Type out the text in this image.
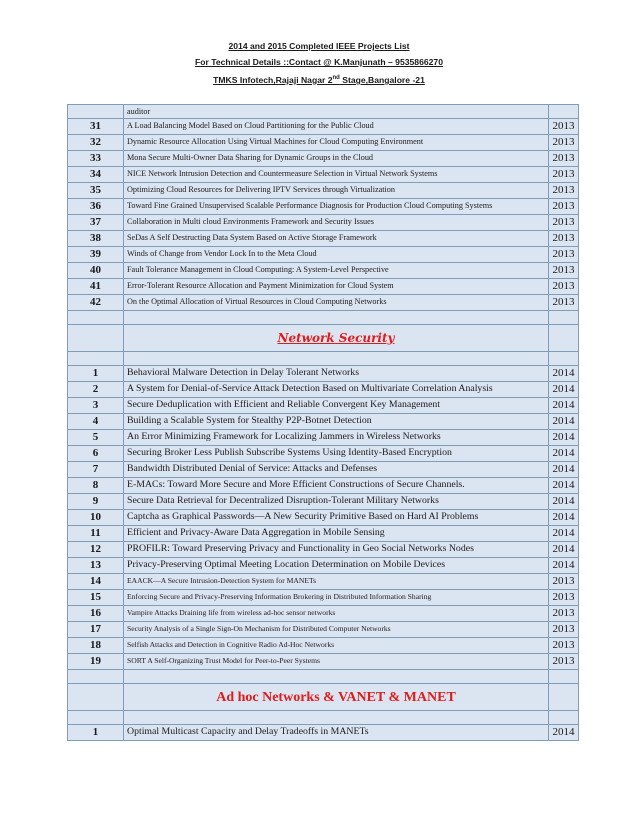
2014 and 2015 Completed IEEE Projects List
For Technical Details ::Contact @ K.Manjunath – 9535866270
TMKS Infotech,Rajaji Nagar 2nd Stage,Bangalore -21
	auditor	
31	A Load Balancing Model Based on Cloud Partitioning for the Public Cloud	2013
32	Dynamic Resource Allocation Using Virtual Machines for Cloud Computing Environment	2013
33	Mona Secure Multi-Owner Data Sharing for Dynamic Groups in the Cloud	2013
34	NICE Network Intrusion Detection and Countermeasure Selection in Virtual Network Systems	2013
35	Optimizing Cloud Resources for Delivering IPTV Services through Virtualization	2013
36	Toward Fine Grained Unsupervised Scalable Performance Diagnosis for Production Cloud Computing Systems	2013
37	Collaboration in Multi cloud Environments Framework and Security Issues	2013
38	SeDas A Self Destructing Data System Based on Active Storage Framework	2013
39	Winds of Change from Vendor Lock In to the Meta Cloud	2013
40	Fault Tolerance Management in Cloud Computing: A System-Level Perspective	2013
41	Error-Tolerant Resource Allocation and Payment Minimization for Cloud System	2013
42	On the Optimal Allocation of Virtual Resources in Cloud Computing Networks	2013

	Network Security	

1	Behavioral Malware Detection in Delay Tolerant Networks	2014
2	A System for Denial-of-Service Attack Detection Based on Multivariate Correlation Analysis	2014
3	Secure Deduplication with Efficient and Reliable Convergent Key Management	2014
4	Building a Scalable System for Stealthy P2P-Botnet Detection	2014
5	An Error Minimizing Framework for Localizing Jammers in Wireless Networks	2014
6	Securing Broker Less Publish Subscribe Systems Using Identity-Based Encryption	2014
7	Bandwidth Distributed Denial of Service: Attacks and Defenses	2014
8	E-MACs: Toward More Secure and More Efficient Constructions of Secure Channels.	2014
9	Secure Data Retrieval for Decentralized Disruption-Tolerant Military Networks	2014
10	Captcha as Graphical Passwords—A New Security Primitive Based on Hard AI Problems	2014
11	Efficient and Privacy-Aware Data Aggregation in Mobile Sensing	2014
12	PROFILR: Toward Preserving Privacy and Functionality in Geo Social Networks Nodes	2014
13	Privacy-Preserving Optimal Meeting Location Determination on Mobile Devices	2014
14	EAACK—A Secure Intrusion-Detection System for MANETs	2013
15	Enforcing Secure and Privacy-Preserving Information Brokering in Distributed Information Sharing	2013
16	Vampire Attacks Draining life from wireless ad-hoc sensor networks	2013
17	Security Analysis of a Single Sign-On Mechanism for Distributed Computer Networks	2013
18	Selfish Attacks and Detection in Cognitive Radio Ad-Hoc Networks	2013
19	SORT A Self-Organizing Trust Model for Peer-to-Peer Systems	2013

	Ad hoc Networks & VANET & MANET	

1	Optimal Multicast Capacity and Delay Tradeoffs in MANETs	2014
